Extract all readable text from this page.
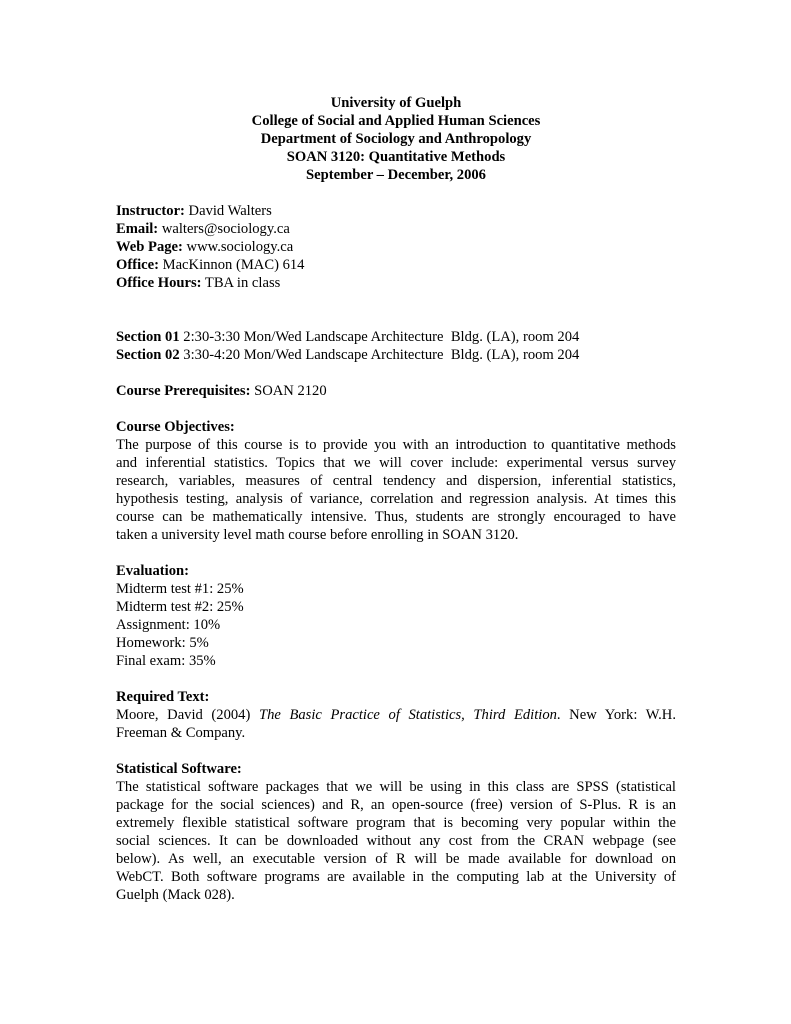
University of Guelph
College of Social and Applied Human Sciences
Department of Sociology and Anthropology
SOAN 3120: Quantitative Methods
September – December, 2006
Instructor: David Walters
Email: walters@sociology.ca
Web Page: www.sociology.ca
Office: MacKinnon (MAC) 614
Office Hours: TBA in class
Section 01 2:30-3:30 Mon/Wed Landscape Architecture  Bldg. (LA), room 204
Section 02 3:30-4:20 Mon/Wed Landscape Architecture  Bldg. (LA), room 204
Course Prerequisites: SOAN 2120
Course Objectives:
The purpose of this course is to provide you with an introduction to quantitative methods
and inferential statistics. Topics that we will cover include: experimental versus survey
research, variables, measures of central tendency and dispersion, inferential statistics,
hypothesis testing, analysis of variance, correlation and regression analysis. At times this
course can be mathematically intensive. Thus, students are strongly encouraged to have
taken a university level math course before enrolling in SOAN 3120.
Evaluation:
Midterm test #1: 25%
Midterm test #2: 25%
Assignment: 10%
Homework: 5%
Final exam: 35%
Required Text:
Moore, David (2004) The Basic Practice of Statistics, Third Edition. New York: W.H.
Freeman & Company.
Statistical Software:
The statistical software packages that we will be using in this class are SPSS (statistical
package for the social sciences) and R, an open-source (free) version of S-Plus. R is an
extremely flexible statistical software program that is becoming very popular within the
social sciences. It can be downloaded without any cost from the CRAN webpage (see
below). As well, an executable version of R will be made available for download on
WebCT. Both software programs are available in the computing lab at the University of
Guelph (Mack 028).
